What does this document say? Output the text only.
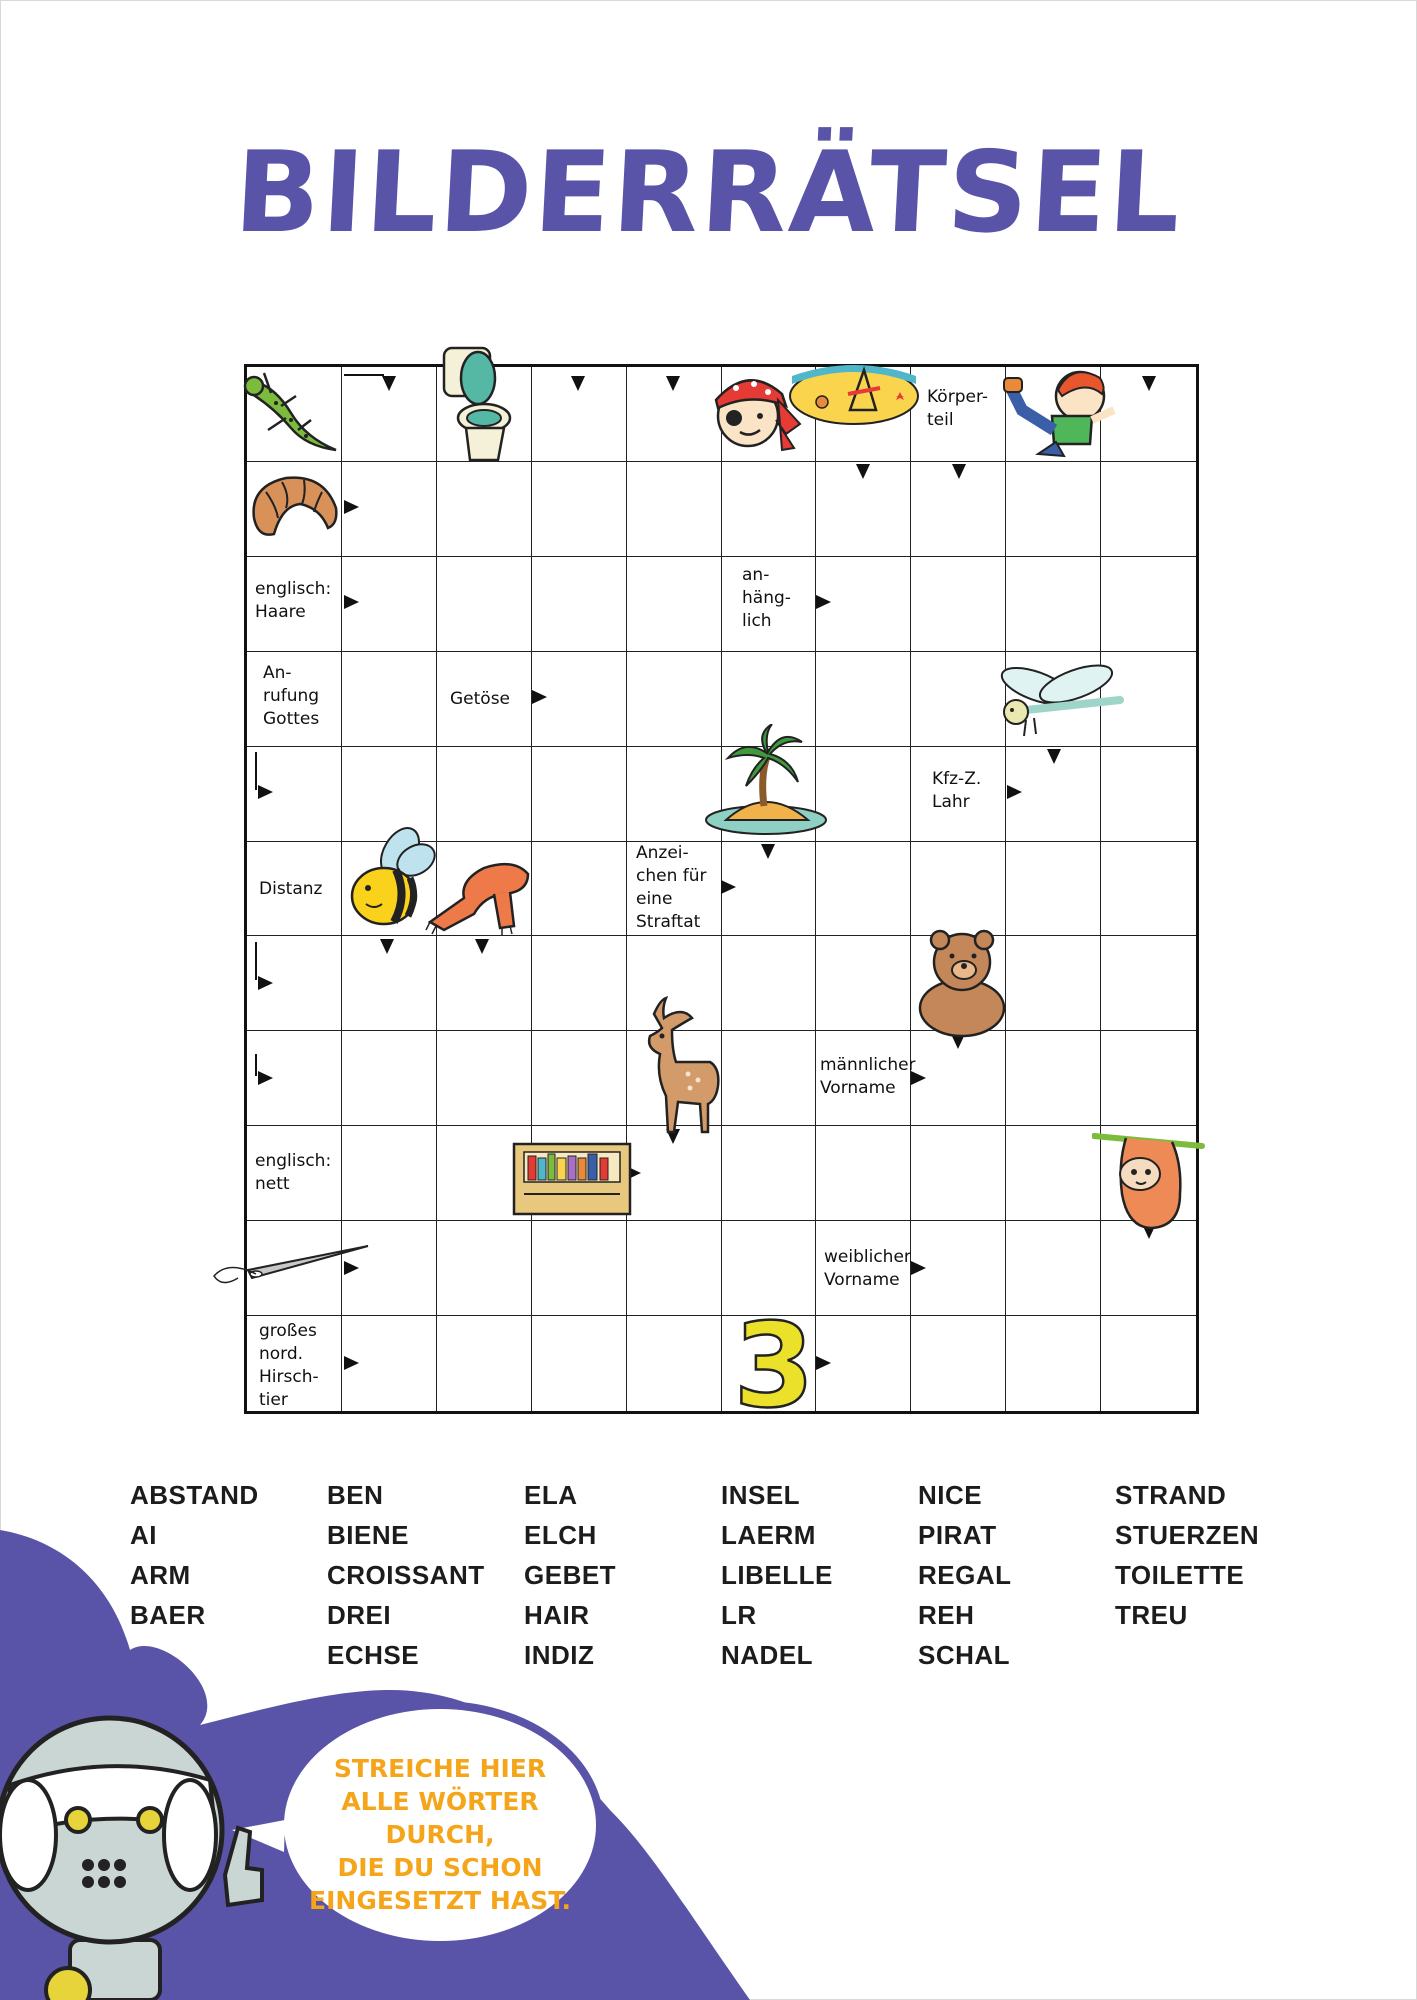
BILDERRÄTSEL
Körper-
teil
englisch:
Haare
an-
häng-
lich
An-
rufung
Gottes
Getöse
Kfz-Z.
Lahr
Distanz
Anzei-
chen für
eine
Straftat
männlicher
Vorname
englisch:
nett
weiblicher
Vorname
großes
nord.
Hirsch-
tier	3
ABSTAND
AI
ARM
BAER
BEN
BIENE
CROISSANT
DREI
ECHSE
ELA
ELCH
GEBET
HAIR
INDIZ
INSEL
LAERM
LIBELLE
LR
NADEL
NICE
PIRAT
REGAL
REH
SCHAL
STRAND
STUERZEN
TOILETTE
TREU
STREICHE HIER
ALLE WÖRTER DURCH,
DIE DU SCHON
EINGESETZT HAST.
